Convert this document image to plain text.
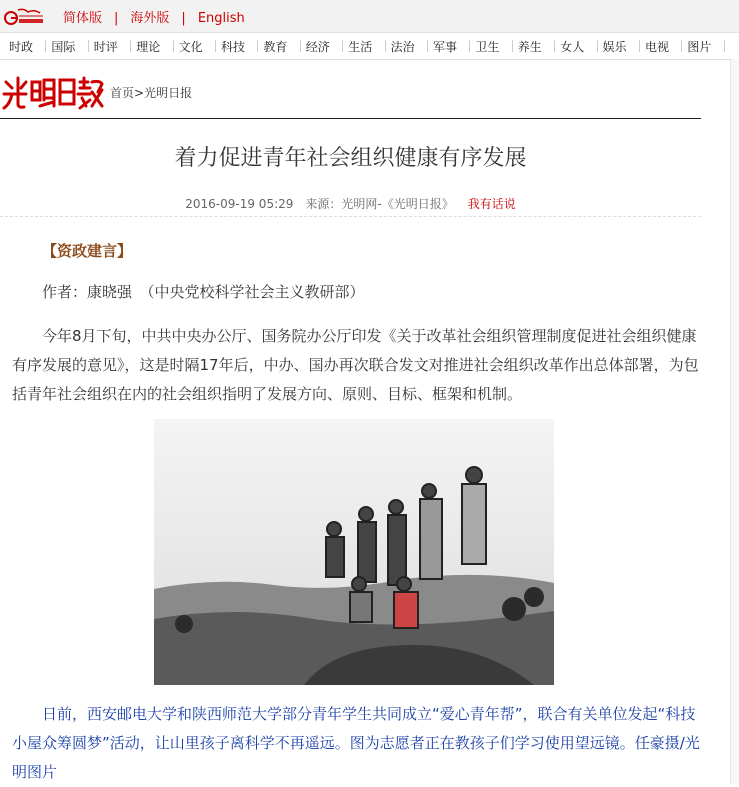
简体版 | 海外版 | English
时政 国际 时评 理论 文化 科技 教育 经济 生活 法治 军事 卫生 养生 女人 娱乐 电视 图片
首页>光明日报
着力促进青年社会组织健康有序发展
2016-09-19 05:29 来源：光明网-《光明日报》 我有话说
【资政建言】
作者：康晓强　（中央党校科学社会主义教研部）
今年8月下旬，中共中央办公厅、国务院办公厅印发《关于改革社会组织管理制度促进社会组织健康有序发展的意见》，这是时隔17年后，中办、国办再次联合发文对推进社会组织改革作出总体部署，为包括青年社会组织在内的社会组织指明了发展方向、原则、目标、框架和机制。
日前，西安邮电大学和陕西师范大学部分青年学生共同成立“爱心青年帮”，联合有关单位发起“科技小屋众筹圆梦”活动，让山里孩子离科学不再遥远。图为志愿者正在教孩子们学习使用望远镜。任豪摄/光明图片
